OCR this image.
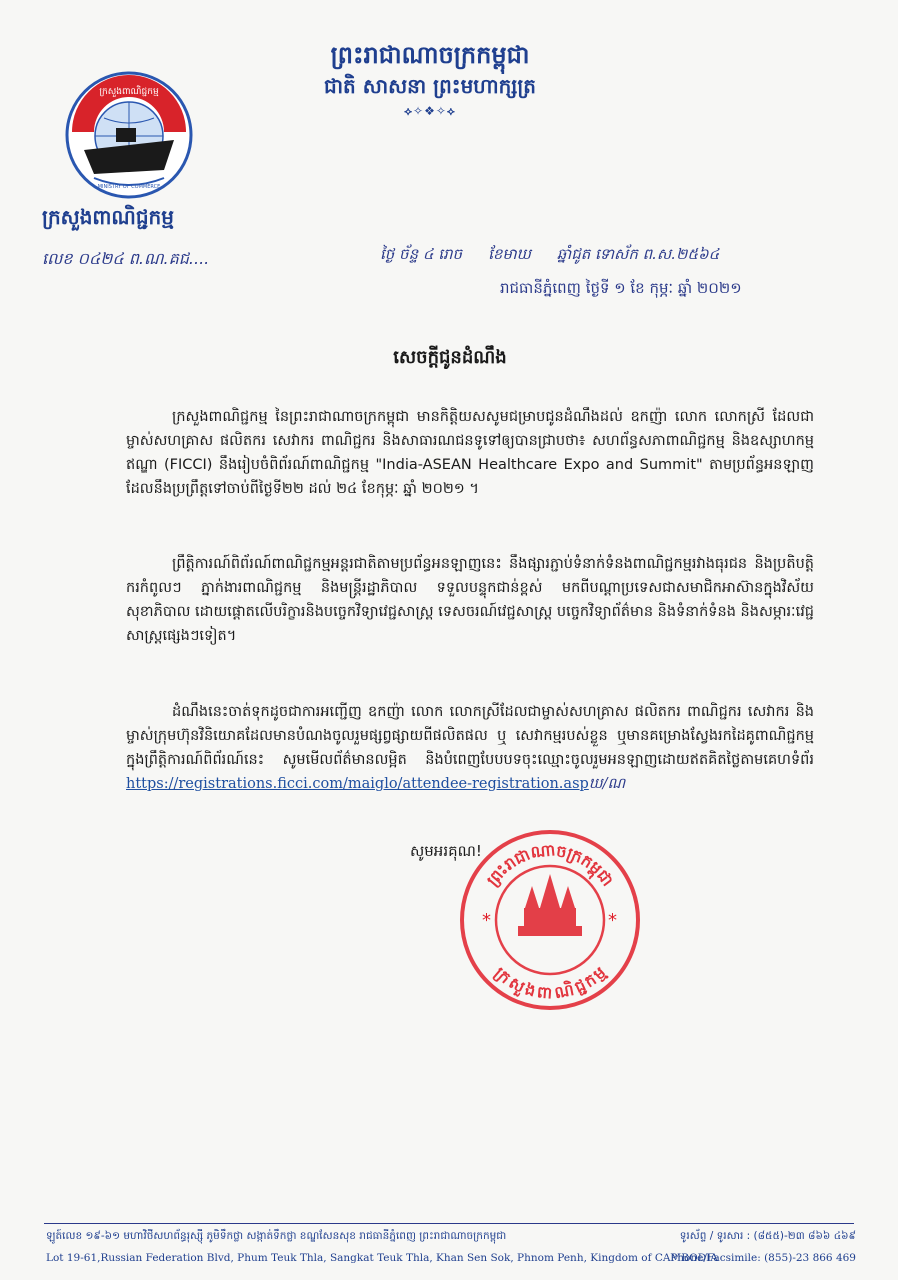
ព្រះរាជាណាចក្រកម្ពុជា
ជាតិ សាសនា ព្រះមហាក្សត្រ
⟡✧❖✧⟡
ក្រសួងពាណិជ្ជកម្ម
MINISTRY OF COMMERCE
ក្រសួងពាណិជ្ជកម្ម
លេខ ០៤២៤ ព.ណ.គជ....	ថ្ងៃ ច័ន្ទ ៤ រោច ខែមាឃ ឆ្នាំជូត ទោស័ក ព.ស.២៥៦៤
រាជធានីភ្នំពេញ ថ្ងៃទី ១ ខែ កុម្ភៈ ឆ្នាំ ២០២១
សេចក្តីជូនដំណឹង
ក្រសួងពាណិជ្ជកម្ម នៃព្រះរាជាណាចក្រកម្ពុជា មានកិត្តិយសសូមជម្រាបជូនដំណឹងដល់ ឧកញ៉ា លោក លោកស្រី ដែលជាម្ចាស់សហគ្រាស ផលិតករ សេវាករ ពាណិជ្ជករ និងសាធារណជនទូទៅឲ្យបានជ្រាបថា៖ សហព័ន្ធសភាពាណិជ្ជកម្ម និងឧស្សាហកម្មឥណ្ឌា (FICCI) នឹងរៀបចំពិព័រណ៍ពាណិជ្ជកម្ម "India-ASEAN Healthcare Expo and Summit" តាមប្រព័ន្ធអនឡាញ ដែលនឹងប្រព្រឹត្តទៅចាប់ពីថ្ងៃទី២២ ដល់ ២៤ ខែកុម្ភៈ ឆ្នាំ ២០២១ ។
ព្រឹត្តិការណ៍ពិព័រណ៍ពាណិជ្ជកម្មអន្តរជាតិតាមប្រព័ន្ធអនឡាញនេះ នឹងផ្សារភ្ជាប់ទំនាក់ទំនងពាណិជ្ជកម្មរវាងធុរជន និងប្រតិបត្តិករកំពូលៗ ភ្នាក់ងារពាណិជ្ជកម្ម និងមន្ត្រីរដ្ឋាភិបាល ទទួលបន្ទុកជាន់ខ្ពស់ មកពីបណ្តាប្រទេសជាសមាជិកអាស៊ានក្នុងវិស័យសុខាភិបាល ដោយផ្តោតលើបរិក្ខារនិងបច្ចេកវិទ្យាវេជ្ជសាស្ត្រ ទេសចរណ៍វេជ្ជសាស្ត្រ បច្ចេកវិទ្យាព័ត៌មាន និងទំនាក់ទំនង និងសម្ភារៈវេជ្ជសាស្ត្រផ្សេងៗទៀត។
ដំណឹងនេះចាត់ទុកដូចជាការអញ្ជើញ ឧកញ៉ា លោក លោកស្រីដែលជាម្ចាស់សហគ្រាស ផលិតករ ពាណិជ្ជករ សេវាករ និងម្ចាស់ក្រុមហ៊ុនវិនិយោគដែលមានបំណងចូលរួមផ្សព្វផ្សាយពីផលិតផល ឬ សេវាកម្មរបស់ខ្លួន ឬមានគម្រោងស្វែងរកដៃគូពាណិជ្ជកម្ម ក្នុងព្រឹត្តិការណ៍ពិព័រណ៍នេះ សូមមើលព័ត៌មានលម្អិត និងបំពេញបែបបទចុះឈ្មោះចូលរួមអនឡាញដោយឥតគិតថ្លៃតាមគេហទំព័រ https://registrations.ficci.com/maiglo/attendee-registration.aspឃ/ណ
សូមអរគុណ!
ព្រះរាជាណាចក្រកម្ពុជា
ក្រសួងពាណិជ្ជកម្ម
*	*
ឡូត៍លេខ ១៩-៦១ មហាវិថីសហព័ន្ធរុស្ស៊ី ភូមិទឹកថ្លា សង្កាត់ទឹកថ្លា ខណ្ឌសែនសុខ រាជធានីភ្នំពេញ ព្រះរាជាណាចក្រកម្ពុជា	ទូរស័ព្ទ / ទូរសារ : (៨៥៥)-២៣ ៨៦៦ ៤៦៩
Lot 19-61,Russian Federation Blvd, Phum Teuk Thla, Sangkat Teuk Thla, Khan Sen Sok, Phnom Penh, Kingdom of CAMBODIA
Phone/Facsimile: (855)-23 866 469
